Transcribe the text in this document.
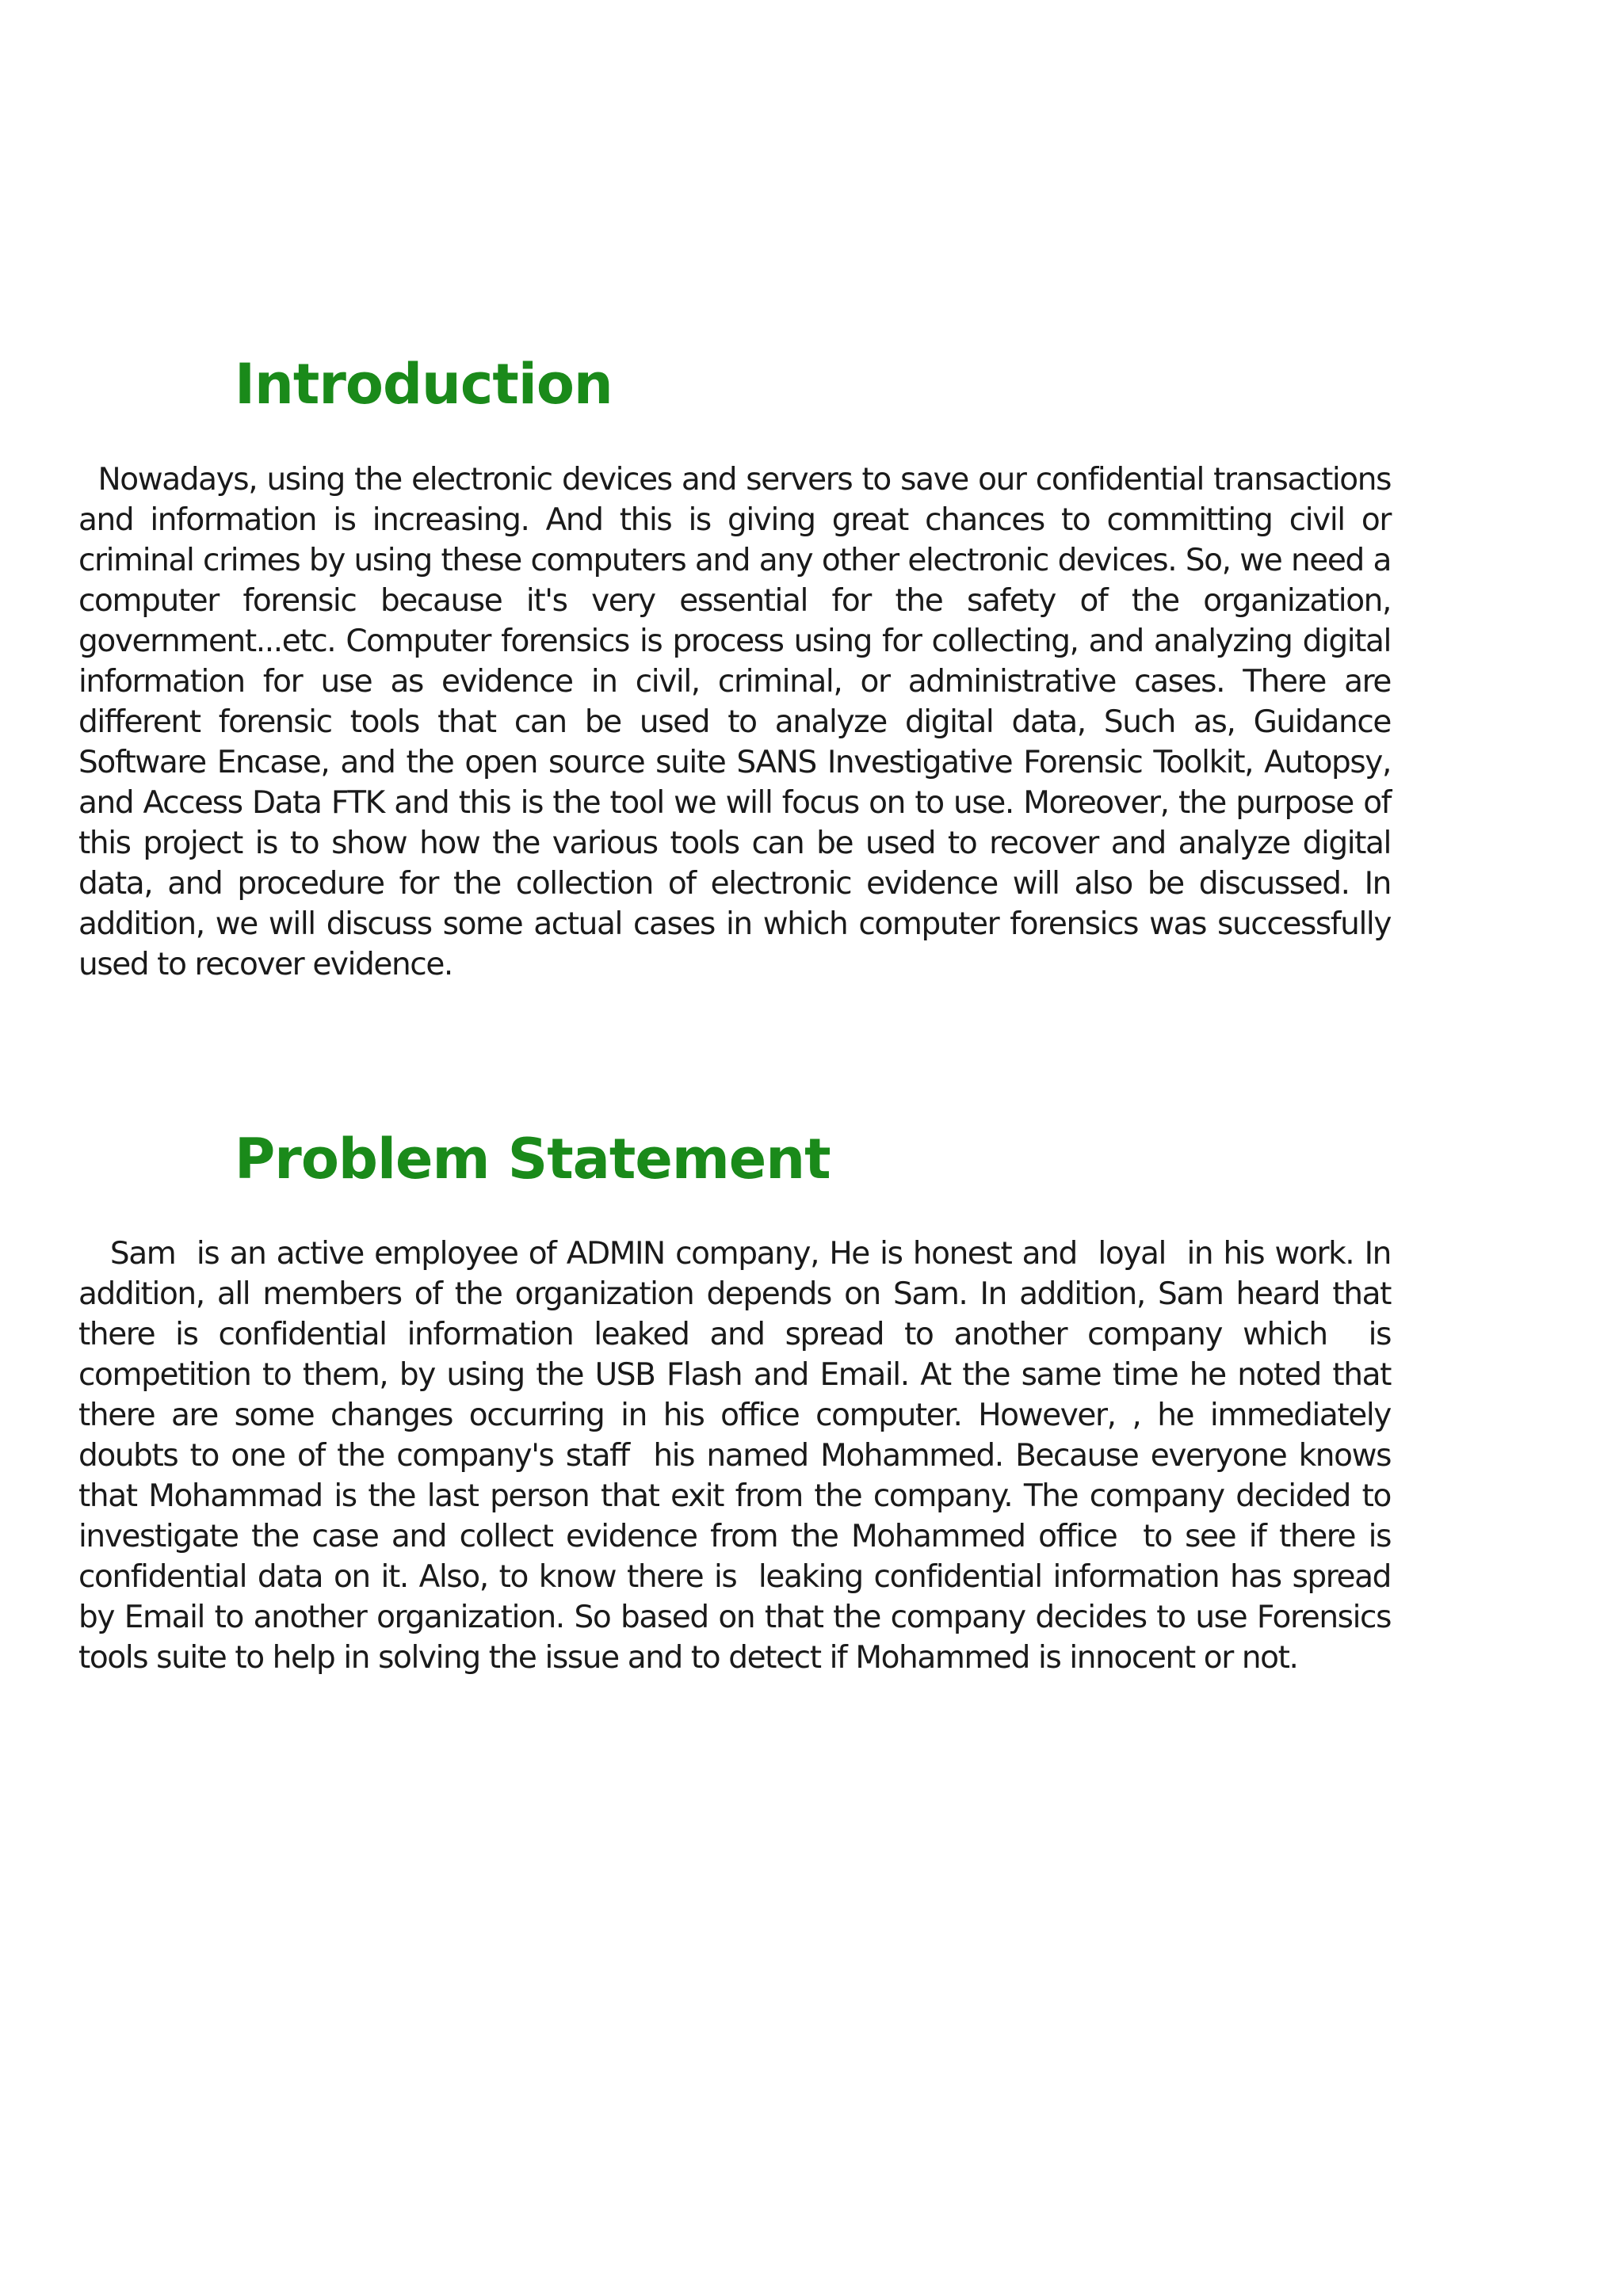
Introduction

Nowadays, using the electronic devices and servers to save our confidential transactions and information is increasing. And this is giving great chances to committing civil or criminal crimes by using these computers and any other electronic devices. So, we need a computer forensic because it's very essential for the safety of the organization, government...etc. Computer forensics is process using for collecting, and analyzing digital information for use as evidence in civil, criminal, or administrative cases. There are different forensic tools that can be used to analyze digital data, Such as, Guidance Software Encase, and the open source suite SANS Investigative Forensic Toolkit, Autopsy, and Access Data FTK and this is the tool we will focus on to use. Moreover, the purpose of this project is to show how the various tools can be used to recover and analyze digital data, and procedure for the collection of electronic evidence will also be discussed. In addition, we will discuss some actual cases in which computer forensics was successfully used to recover evidence.

Problem Statement

Sam  is an active employee of ADMIN company, He is honest and  loyal  in his work. In addition, all members of the organization depends on Sam. In addition, Sam heard that there is confidential information leaked and spread to another company which  is competition to them, by using the USB Flash and Email. At the same time he noted that there are some changes occurring in his office computer. However, , he immediately doubts to one of the company's staff  his named Mohammed. Because everyone knows that Mohammad is the last person that exit from the company. The company decided to investigate the case and collect evidence from the Mohammed office  to see if there is confidential data on it. Also, to know there is  leaking confidential information has spread by Email to another organization. So based on that the company decides to use Forensics tools suite to help in solving the issue and to detect if Mohammed is innocent or not.
